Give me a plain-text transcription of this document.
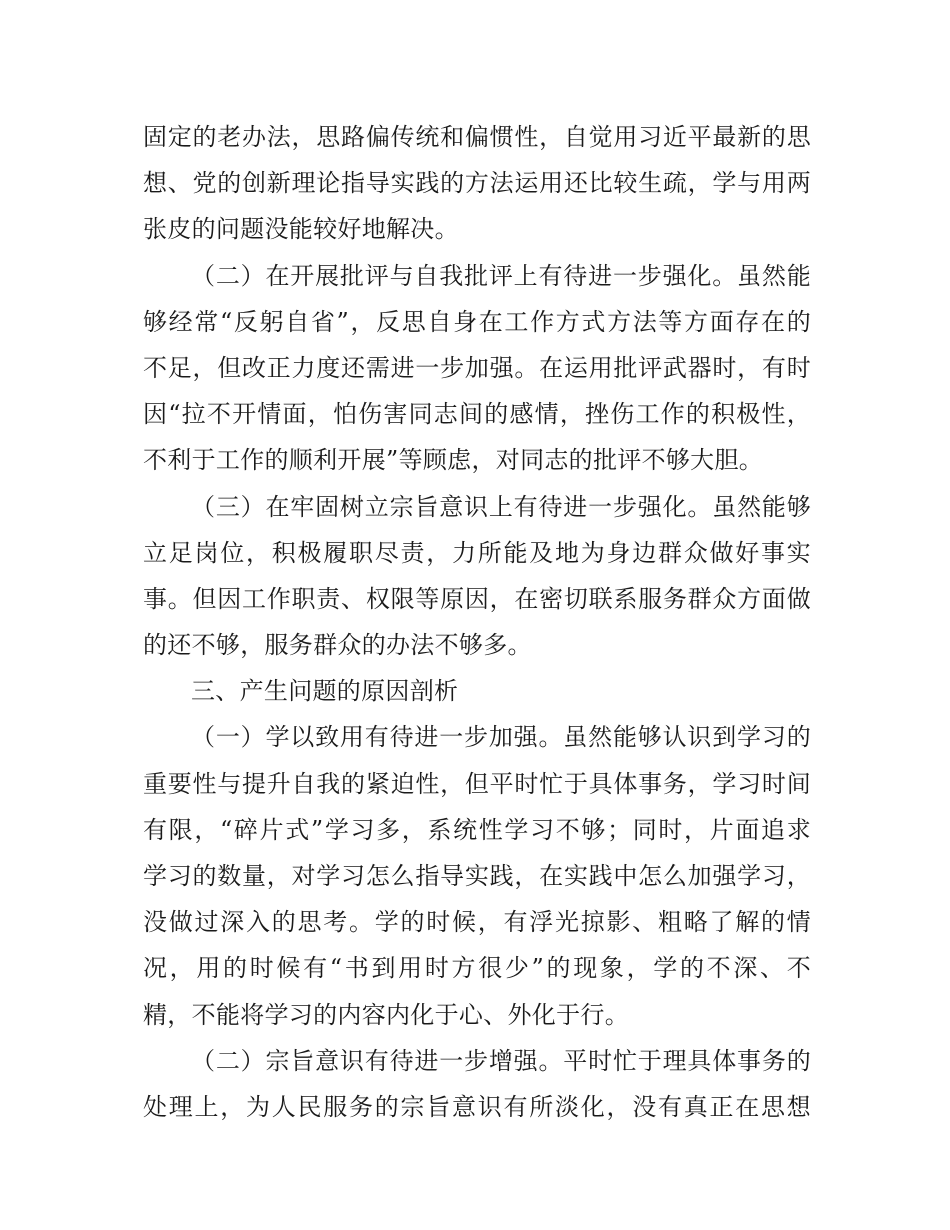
固定的老办法，思路偏传统和偏惯性，自觉用习近平最新的思
想、党的创新理论指导实践的方法运用还比较生疏，学与用两
张皮的问题没能较好地解决。
（二）在开展批评与自我批评上有待进一步强化。虽然能
够经常“反躬自省”，反思自身在工作方式方法等方面存在的
不足，但改正力度还需进一步加强。在运用批评武器时，有时
因“拉不开情面，怕伤害同志间的感情，挫伤工作的积极性，
不利于工作的顺利开展”等顾虑，对同志的批评不够大胆。
（三）在牢固树立宗旨意识上有待进一步强化。虽然能够
立足岗位，积极履职尽责，力所能及地为身边群众做好事实
事。但因工作职责、权限等原因，在密切联系服务群众方面做
的还不够，服务群众的办法不够多。
三、产生问题的原因剖析
（一）学以致用有待进一步加强。虽然能够认识到学习的
重要性与提升自我的紧迫性，但平时忙于具体事务，学习时间
有限，“碎片式”学习多，系统性学习不够；同时，片面追求
学习的数量，对学习怎么指导实践，在实践中怎么加强学习，
没做过深入的思考。学的时候，有浮光掠影、粗略了解的情
况，用的时候有“书到用时方很少”的现象，学的不深、不
精，不能将学习的内容内化于心、外化于行。
（二）宗旨意识有待进一步增强。平时忙于理具体事务的
处理上，为人民服务的宗旨意识有所淡化，没有真正在思想
